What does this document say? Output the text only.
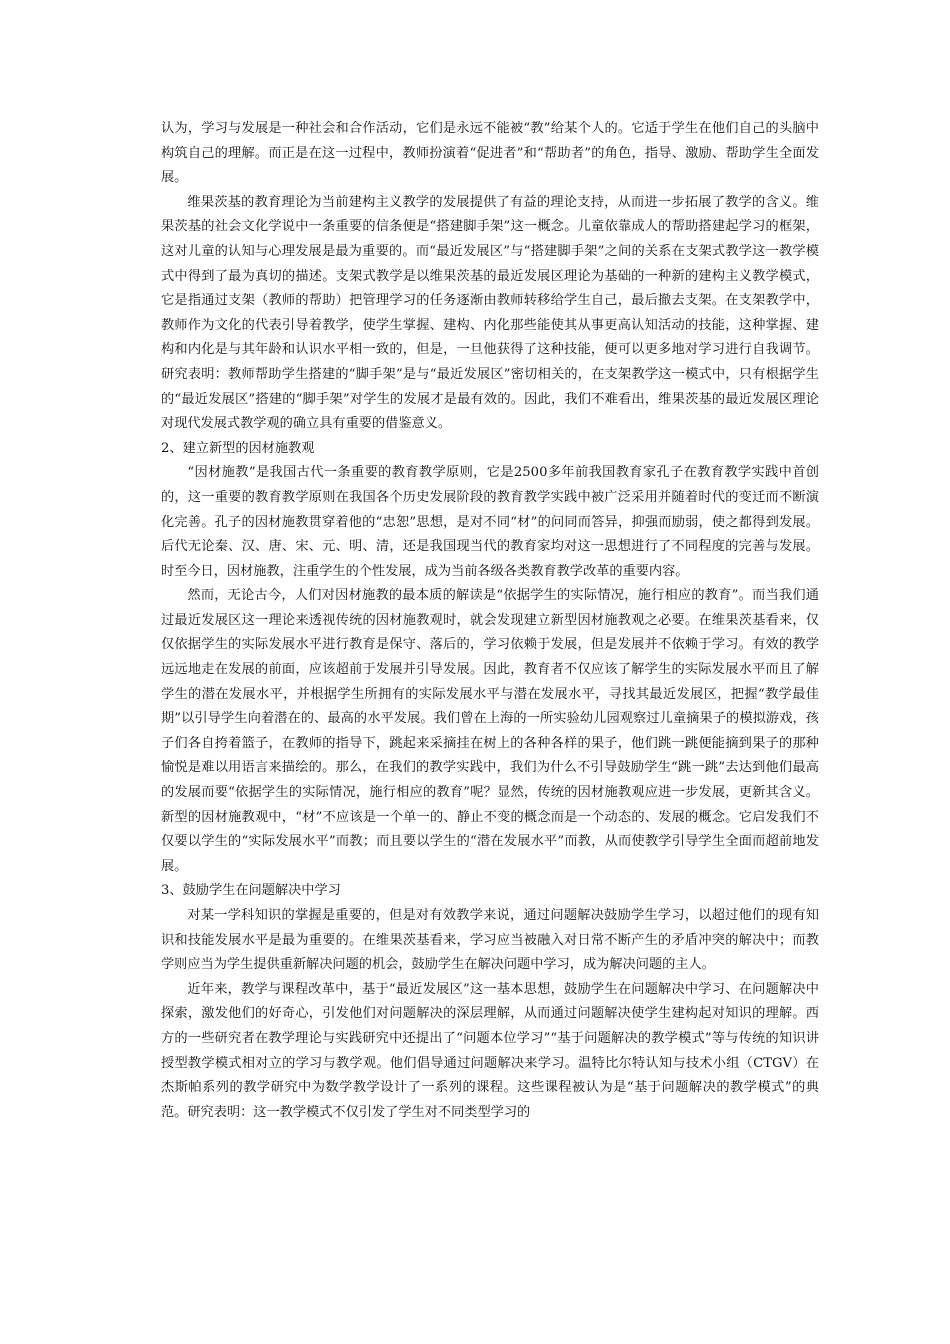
认为，学习与发展是一种社会和合作活动，它们是永远不能被“教”给某个人的。它适于学生在他们自己的头脑中构筑自己的理解。而正是在这一过程中，教师扮演着“促进者”和“帮助者”的角色，指导、激励、帮助学生全面发展。

维果茨基的教育理论为当前建构主义教学的发展提供了有益的理论支持，从而进一步拓展了教学的含义。维果茨基的社会文化学说中一条重要的信条便是“搭建脚手架”这一概念。儿童依靠成人的帮助搭建起学习的框架，这对儿童的认知与心理发展是最为重要的。而“最近发展区”与“搭建脚手架”之间的关系在支架式教学这一教学模式中得到了最为真切的描述。支架式教学是以维果茨基的最近发展区理论为基础的一种新的建构主义教学模式，它是指通过支架（教师的帮助）把管理学习的任务逐渐由教师转移给学生自己，最后撤去支架。在支架教学中，教师作为文化的代表引导着教学，使学生掌握、建构、内化那些能使其从事更高认知活动的技能，这种掌握、建构和内化是与其年龄和认识水平相一致的，但是，一旦他获得了这种技能，便可以更多地对学习进行自我调节。研究表明：教师帮助学生搭建的“脚手架”是与“最近发展区”密切相关的，在支架教学这一模式中，只有根据学生的“最近发展区”搭建的“脚手架”对学生的发展才是最有效的。因此，我们不难看出，维果茨基的最近发展区理论对现代发展式教学观的确立具有重要的借鉴意义。

2、建立新型的因材施教观

“因材施教”是我国古代一条重要的教育教学原则，它是2500多年前我国教育家孔子在教育教学实践中首创的，这一重要的教育教学原则在我国各个历史发展阶段的教育教学实践中被广泛采用并随着时代的变迁而不断演化完善。孔子的因材施教贯穿着他的“忠恕”思想，是对不同“材”的问同而答异，抑强而励弱，使之都得到发展。后代无论秦、汉、唐、宋、元、明、清，还是我国现当代的教育家均对这一思想进行了不同程度的完善与发展。时至今日，因材施教，注重学生的个性发展，成为当前各级各类教育教学改革的重要内容。

然而，无论古今，人们对因材施教的最本质的解读是“依据学生的实际情况，施行相应的教育”。而当我们通过最近发展区这一理论来透视传统的因材施教观时，就会发现建立新型因材施教观之必要。在维果茨基看来，仅仅依据学生的实际发展水平进行教育是保守、落后的，学习依赖于发展，但是发展并不依赖于学习。有效的教学远远地走在发展的前面，应该超前于发展并引导发展。因此，教育者不仅应该了解学生的实际发展水平而且了解学生的潜在发展水平，并根据学生所拥有的实际发展水平与潜在发展水平，寻找其最近发展区，把握“教学最佳期”以引导学生向着潜在的、最高的水平发展。我们曾在上海的一所实验幼儿园观察过儿童摘果子的模拟游戏，孩子们各自挎着篮子，在教师的指导下，跳起来采摘挂在树上的各种各样的果子，他们跳一跳便能摘到果子的那种愉悦是难以用语言来描绘的。那么，在我们的教学实践中，我们为什么不引导鼓励学生“跳一跳”去达到他们最高的发展而要“依据学生的实际情况，施行相应的教育”呢？显然，传统的因材施教观应进一步发展，更新其含义。新型的因材施教观中，“材”不应该是一个单一的、静止不变的概念而是一个动态的、发展的概念。它启发我们不仅要以学生的“实际发展水平”而教；而且要以学生的“潜在发展水平”而教，从而使教学引导学生全面而超前地发展。

3、鼓励学生在问题解决中学习

对某一学科知识的掌握是重要的，但是对有效教学来说，通过问题解决鼓励学生学习，以超过他们的现有知识和技能发展水平是最为重要的。在维果茨基看来，学习应当被融入对日常不断产生的矛盾冲突的解决中；而教学则应当为学生提供重新解决问题的机会，鼓励学生在解决问题中学习，成为解决问题的主人。

近年来，教学与课程改革中，基于“最近发展区”这一基本思想，鼓励学生在问题解决中学习、在问题解决中探索，激发他们的好奇心，引发他们对问题解决的深层理解，从而通过问题解决使学生建构起对知识的理解。西方的一些研究者在教学理论与实践研究中还提出了“问题本位学习”“基于问题解决的教学模式”等与传统的知识讲授型教学模式相对立的学习与教学观。他们倡导通过问题解决来学习。温特比尔特认知与技术小组（CTGV）在杰斯帕系列的教学研究中为数学教学设计了一系列的课程。这些课程被认为是“基于问题解决的教学模式”的典范。研究表明：这一教学模式不仅引发了学生对不同类型学习的
